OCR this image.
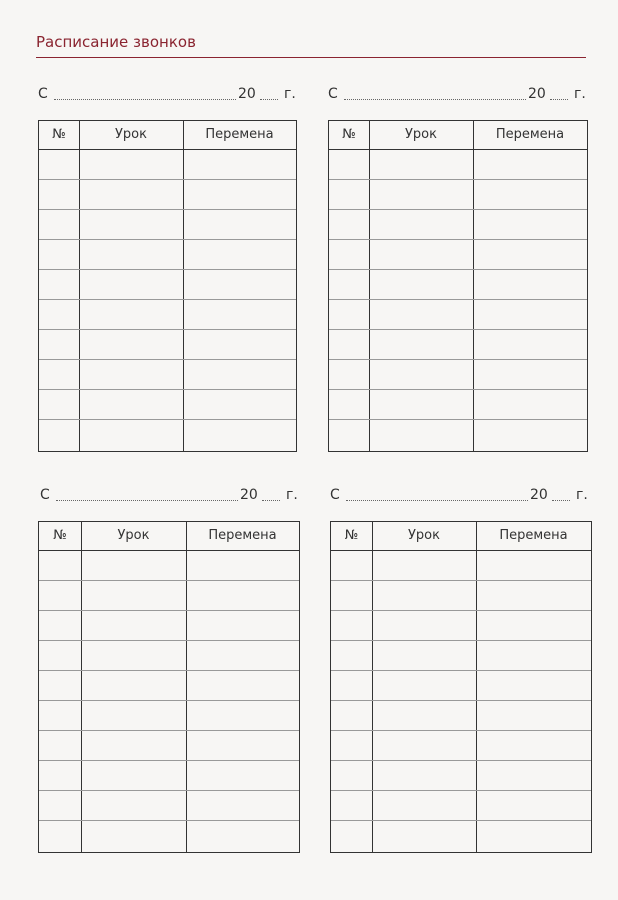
Расписание звонков
С	20 г. С	20 г.
С	20 г. С	20 г.
№	Урок	Перемена	№	Урок	Перемена
№	Урок	Перемена	№	Урок	Перемена
